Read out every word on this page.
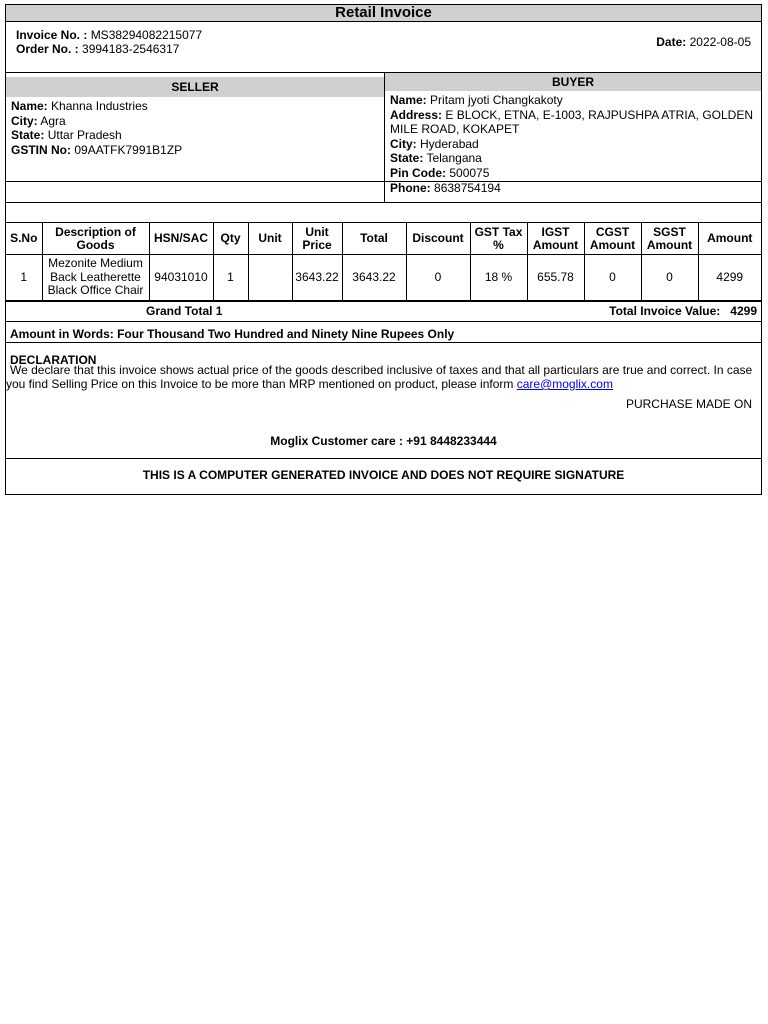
Retail Invoice
Invoice No. : MS38294082215077
Order No. : 3994183-2546317	Date: 2022-08-05
SELLER
Name: Khanna Industries
City: Agra
State: Uttar Pradesh
GSTIN No: 09AATFK7991B1ZP
BUYER
Name: Pritam jyoti Changkakoty
Address: E BLOCK, ETNA, E-1003, RAJPUSHPA ATRIA, GOLDEN MILE ROAD, KOKAPET
City: Hyderabad
State: Telangana
Pin Code: 500075
Phone: 8638754194
S.No	Description of Goods	HSN/SAC	Qty	Unit	Unit Price	Total	Discount	GST Tax %	IGST Amount	CGST Amount	SGST Amount	Amount
1	Mezonite Medium Back Leatherette Black Office Chair	94031010	1		3643.22	3643.22	0	18 %	655.78	0	0	4299
Grand Total 1	Total Invoice Value: 4299
Amount in Words: Four Thousand Two Hundred and Ninety Nine Rupees Only
DECLARATION
We declare that this invoice shows actual price of the goods described inclusive of taxes and that all particulars are true and correct. In case you find Selling Price on this Invoice to be more than MRP mentioned on product, please inform care@moglix.com
PURCHASE MADE ON
Moglix Customer care : +91 8448233444
THIS IS A COMPUTER GENERATED INVOICE AND DOES NOT REQUIRE SIGNATURE
